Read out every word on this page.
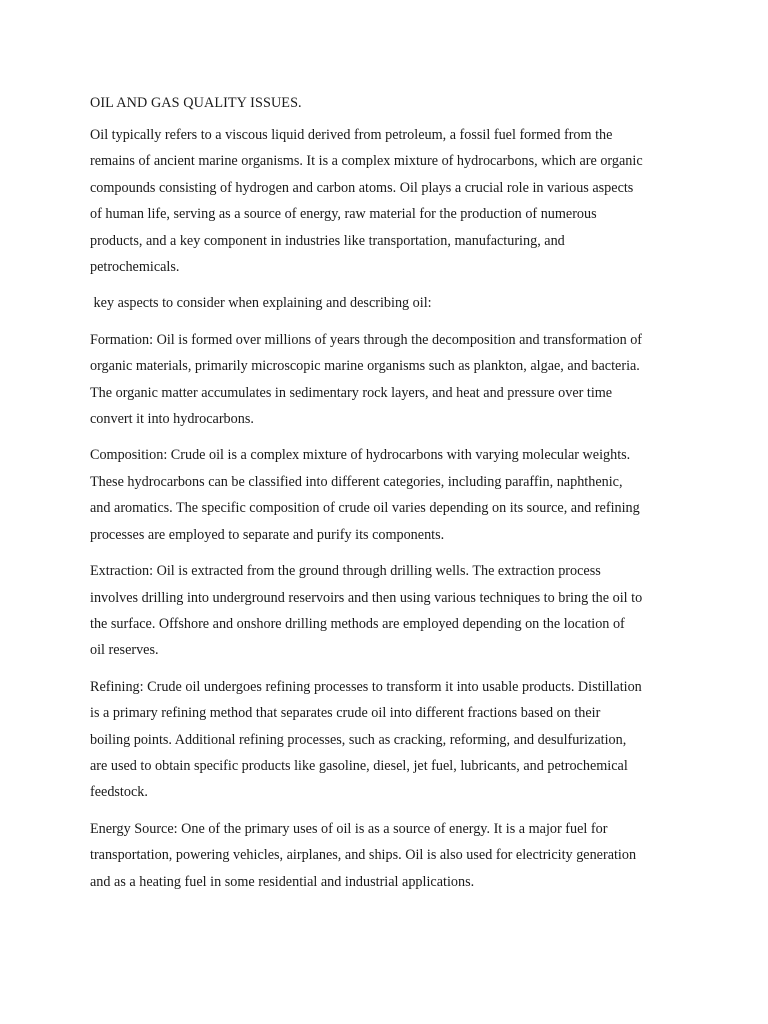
OIL AND GAS QUALITY ISSUES.
Oil typically refers to a viscous liquid derived from petroleum, a fossil fuel formed from the
remains of ancient marine organisms. It is a complex mixture of hydrocarbons, which are organic
compounds consisting of hydrogen and carbon atoms. Oil plays a crucial role in various aspects
of human life, serving as a source of energy, raw material for the production of numerous
products, and a key component in industries like transportation, manufacturing, and
petrochemicals.
key aspects to consider when explaining and describing oil:
Formation: Oil is formed over millions of years through the decomposition and transformation of
organic materials, primarily microscopic marine organisms such as plankton, algae, and bacteria.
The organic matter accumulates in sedimentary rock layers, and heat and pressure over time
convert it into hydrocarbons.
Composition: Crude oil is a complex mixture of hydrocarbons with varying molecular weights.
These hydrocarbons can be classified into different categories, including paraffin, naphthenic,
and aromatics. The specific composition of crude oil varies depending on its source, and refining
processes are employed to separate and purify its components.
Extraction: Oil is extracted from the ground through drilling wells. The extraction process
involves drilling into underground reservoirs and then using various techniques to bring the oil to
the surface. Offshore and onshore drilling methods are employed depending on the location of
oil reserves.
Refining: Crude oil undergoes refining processes to transform it into usable products. Distillation
is a primary refining method that separates crude oil into different fractions based on their
boiling points. Additional refining processes, such as cracking, reforming, and desulfurization,
are used to obtain specific products like gasoline, diesel, jet fuel, lubricants, and petrochemical
feedstock.
Energy Source: One of the primary uses of oil is as a source of energy. It is a major fuel for
transportation, powering vehicles, airplanes, and ships. Oil is also used for electricity generation
and as a heating fuel in some residential and industrial applications.
